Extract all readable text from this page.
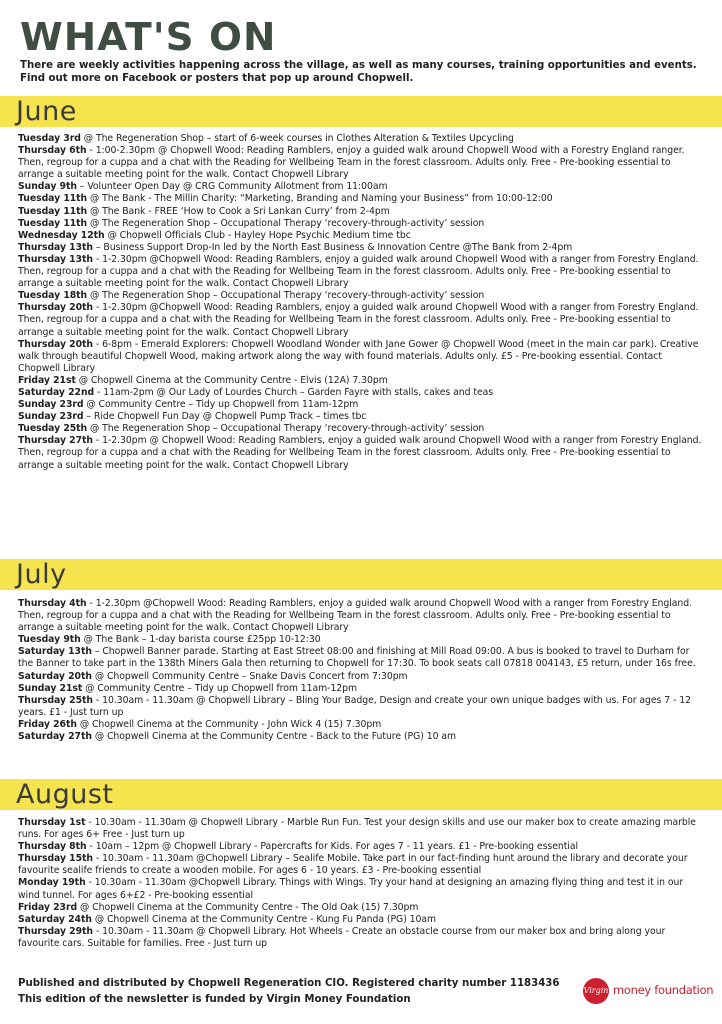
WHAT'S ON
There are weekly activities happening across the village, as well as many courses, training opportunities and events. Find out more on Facebook or posters that pop up around Chopwell.
June

Tuesday 3rd @ The Regeneration Shop – start of 6-week courses in Clothes Alteration & Textiles Upcycling

Thursday 6th - 1:00-2.30pm @ Chopwell Wood: Reading Ramblers, enjoy a guided walk around Chopwell Wood with a Forestry England ranger. Then, regroup for a cuppa and a chat with the Reading for Wellbeing Team in the forest classroom. Adults only. Free - Pre-booking essential to arrange a suitable meeting point for the walk. Contact Chopwell Library

Sunday 9th – Volunteer Open Day @ CRG Community Allotment from 11:00am

Tuesday 11th @ The Bank - The Millin Charity: “Marketing, Branding and Naming your Business” from 10:00-12:00

Tuesday 11th @ The Bank - FREE ‘How to Cook a Sri Lankan Curry’ from 2-4pm

Tuesday 11th @ The Regeneration Shop – Occupational Therapy ‘recovery-through-activity’ session

Wednesday 12th @ Chopwell Officials Club - Hayley Hope Psychic Medium time tbc

Thursday 13th – Business Support Drop-In led by the North East Business & Innovation Centre @The Bank from 2-4pm

Thursday 13th - 1-2.30pm @Chopwell Wood: Reading Ramblers, enjoy a guided walk around Chopwell Wood with a ranger from Forestry England. Then, regroup for a cuppa and a chat with the Reading for Wellbeing Team in the forest classroom. Adults only. Free - Pre-booking essential to arrange a suitable meeting point for the walk. Contact Chopwell Library

Tuesday 18th @ The Regeneration Shop – Occupational Therapy ‘recovery-through-activity’ session

Thursday 20th - 1-2.30pm @Chopwell Wood: Reading Ramblers, enjoy a guided walk around Chopwell Wood with a ranger from Forestry England. Then, regroup for a cuppa and a chat with the Reading for Wellbeing Team in the forest classroom. Adults only. Free - Pre-booking essential to arrange a suitable meeting point for the walk. Contact Chopwell Library

Thursday 20th - 6-8pm - Emerald Explorers: Chopwell Woodland Wonder with Jane Gower @ Chopwell Wood (meet in the main car park). Creative walk through beautiful Chopwell Wood, making artwork along the way with found materials. Adults only. £5 - Pre-booking essential. Contact Chopwell Library

Friday 21st @ Chopwell Cinema at the Community Centre - Elvis (12A) 7.30pm

Saturday 22nd - 11am-2pm @ Our Lady of Lourdes Church – Garden Fayre with stalls, cakes and teas

Sunday 23rd @ Community Centre – Tidy up Chopwell from 11am-12pm

Sunday 23rd – Ride Chopwell Fun Day @ Chopwell Pump Track – times tbc

Tuesday 25th @ The Regeneration Shop – Occupational Therapy ‘recovery-through-activity’ session

Thursday 27th - 1-2.30pm @ Chopwell Wood: Reading Ramblers, enjoy a guided walk around Chopwell Wood with a ranger from Forestry England. Then, regroup for a cuppa and a chat with the Reading for Wellbeing Team in the forest classroom. Adults only. Free - Pre-booking essential to arrange a suitable meeting point for the walk. Contact Chopwell Library

July

Thursday 4th - 1-2.30pm @Chopwell Wood: Reading Ramblers, enjoy a guided walk around Chopwell Wood with a ranger from Forestry England. Then, regroup for a cuppa and a chat with the Reading for Wellbeing Team in the forest classroom. Adults only. Free - Pre-booking essential to arrange a suitable meeting point for the walk. Contact Chopwell Library

Tuesday 9th @ The Bank – 1-day barista course £25pp 10-12:30

Saturday 13th – Chopwell Banner parade. Starting at East Street 08:00 and finishing at Mill Road 09:00. A bus is booked to travel to Durham for the Banner to take part in the 138th Miners Gala then returning to Chopwell for 17:30. To book seats call 07818 004143, £5 return, under 16s free.

Saturday 20th @ Chopwell Community Centre – Snake Davis Concert from 7:30pm

Sunday 21st @ Community Centre – Tidy up Chopwell from 11am-12pm

Thursday 25th - 10.30am - 11.30am @ Chopwell Library – Bling Your Badge, Design and create your own unique badges with us. For ages 7 - 12 years. £1 - Just turn up

Friday 26th @ Chopwell Cinema at the Community - John Wick 4 (15) 7.30pm

Saturday 27th @ Chopwell Cinema at the Community Centre - Back to the Future (PG) 10 am

August

Thursday 1st - 10.30am - 11.30am @ Chopwell Library - Marble Run Fun. Test your design skills and use our maker box to create amazing marble runs. For ages 6+ Free - Just turn up

Thursday 8th - 10am – 12pm @ Chopwell Library - Papercrafts for Kids. For ages 7 - 11 years. £1 - Pre-booking essential

Thursday 15th - 10.30am - 11.30am @Chopwell Library – Sealife Mobile. Take part in our fact-finding hunt around the library and decorate your favourite sealife friends to create a wooden mobile. For ages 6 - 10 years. £3 - Pre-booking essential

Monday 19th - 10.30am - 11.30am @Chopwell Library. Things with Wings. Try your hand at designing an amazing flying thing and test it in our wind tunnel. For ages 6+£2 - Pre-booking essential

Friday 23rd @ Chopwell Cinema at the Community Centre - The Old Oak (15) 7.30pm

Saturday 24th @ Chopwell Cinema at the Community Centre - Kung Fu Panda (PG) 10am

Thursday 29th - 10.30am - 11.30am @ Chopwell Library. Hot Wheels - Create an obstacle course from our maker box and bring along your favourite cars. Suitable for families. Free - Just turn up

Published and distributed by Chopwell Regeneration CIO. Registered charity number 1183436
This edition of the newsletter is funded by Virgin Money Foundation
Virgin money foundation
